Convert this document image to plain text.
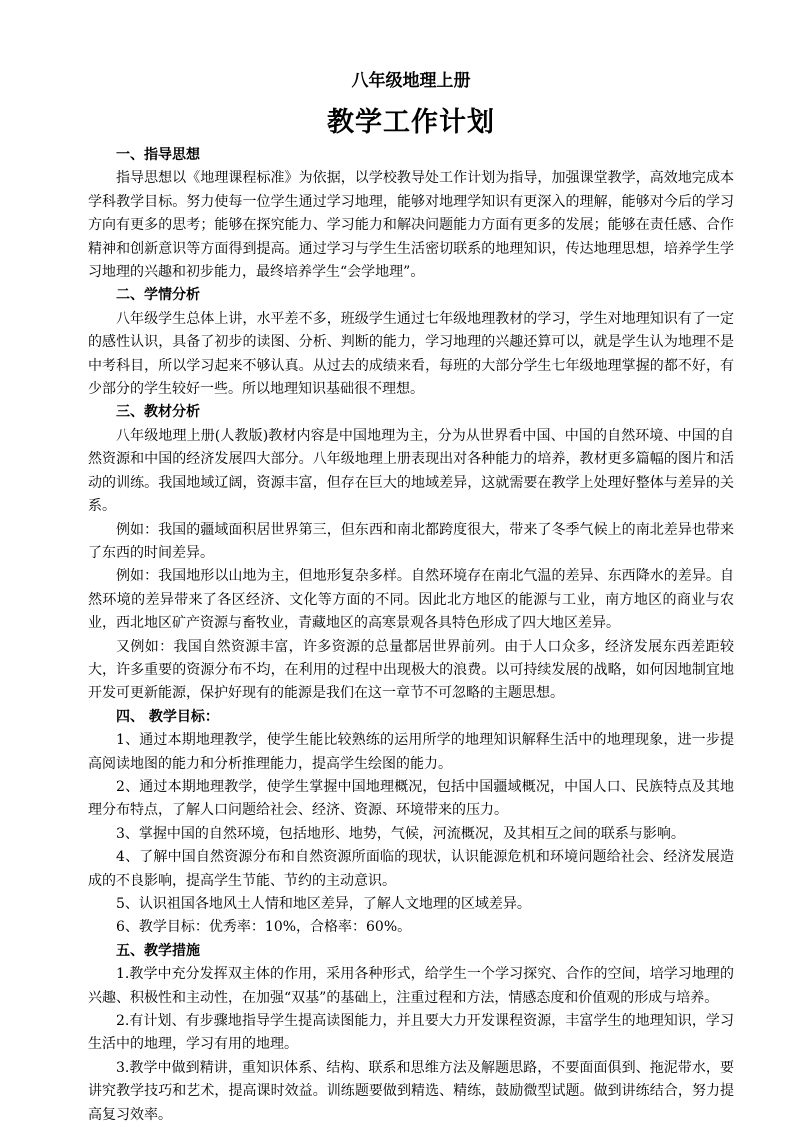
八年级地理上册
教学工作计划

一、指导思想

指导思想以《地理课程标准》为依据，以学校教导处工作计划为指导，加强课堂教学，高效地完成本学科教学目标。努力使每一位学生通过学习地理，能够对地理学知识有更深入的理解，能够对今后的学习方向有更多的思考；能够在探究能力、学习能力和解决问题能力方面有更多的发展；能够在责任感、合作精神和创新意识等方面得到提高。通过学习与学生生活密切联系的地理知识，传达地理思想，培养学生学习地理的兴趣和初步能力，最终培养学生“会学地理”。

二、学情分析

八年级学生总体上讲，水平差不多，班级学生通过七年级地理教材的学习，学生对地理知识有了一定的感性认识，具备了初步的读图、分析、判断的能力，学习地理的兴趣还算可以，就是学生认为地理不是中考科目，所以学习起来不够认真。从过去的成绩来看，每班的大部分学生七年级地理掌握的都不好，有少部分的学生较好一些。所以地理知识基础很不理想。

三、教材分析

八年级地理上册(人教版)教材内容是中国地理为主，分为从世界看中国、中国的自然环境、中国的自然资源和中国的经济发展四大部分。八年级地理上册表现出对各种能力的培养，教材更多篇幅的图片和活动的训练。我国地域辽阔，资源丰富，但存在巨大的地域差异，这就需要在教学上处理好整体与差异的关系。

例如：我国的疆域面积居世界第三，但东西和南北都跨度很大，带来了冬季气候上的南北差异也带来了东西的时间差异。

例如：我国地形以山地为主，但地形复杂多样。自然环境存在南北气温的差异、东西降水的差异。自然环境的差异带来了各区经济、文化等方面的不同。因此北方地区的能源与工业，南方地区的商业与农业，西北地区矿产资源与畜牧业，青藏地区的高寒景观各具特色形成了四大地区差异。

又例如：我国自然资源丰富，许多资源的总量都居世界前列。由于人口众多，经济发展东西差距较大，许多重要的资源分布不均，在利用的过程中出现极大的浪费。以可持续发展的战略，如何因地制宜地开发可更新能源，保护好现有的能源是我们在这一章节不可忽略的主题思想。

四、 教学目标：

1、通过本期地理教学，使学生能比较熟练的运用所学的地理知识解释生活中的地理现象，进一步提高阅读地图的能力和分析推理能力，提高学生绘图的能力。

2、通过本期地理教学，使学生掌握中国地理概况，包括中国疆域概况，中国人口、民族特点及其地理分布特点，了解人口问题给社会、经济、资源、环境带来的压力。

3、掌握中国的自然环境，包括地形、地势，气候，河流概况，及其相互之间的联系与影响。

4、了解中国自然资源分布和自然资源所面临的现状，认识能源危机和环境问题给社会、经济发展造成的不良影响，提高学生节能、节约的主动意识。

5、认识祖国各地风土人情和地区差异，了解人文地理的区域差异。

6、教学目标：优秀率：10%，合格率：60%。

五、教学措施

1.教学中充分发挥双主体的作用，采用各种形式，给学生一个学习探究、合作的空间，培学习地理的兴趣、积极性和主动性，在加强“双基”的基础上，注重过程和方法，情感态度和价值观的形成与培养。

2.有计划、有步骤地指导学生提高读图能力，并且要大力开发课程资源，丰富学生的地理知识，学习生活中的地理，学习有用的地理。

3.教学中做到精讲，重知识体系、结构、联系和思维方法及解题思路，不要面面俱到、拖泥带水，要讲究教学技巧和艺术，提高课时效益。训练题要做到精选、精练，鼓励微型试题。做到讲练结合，努力提高复习效率。
